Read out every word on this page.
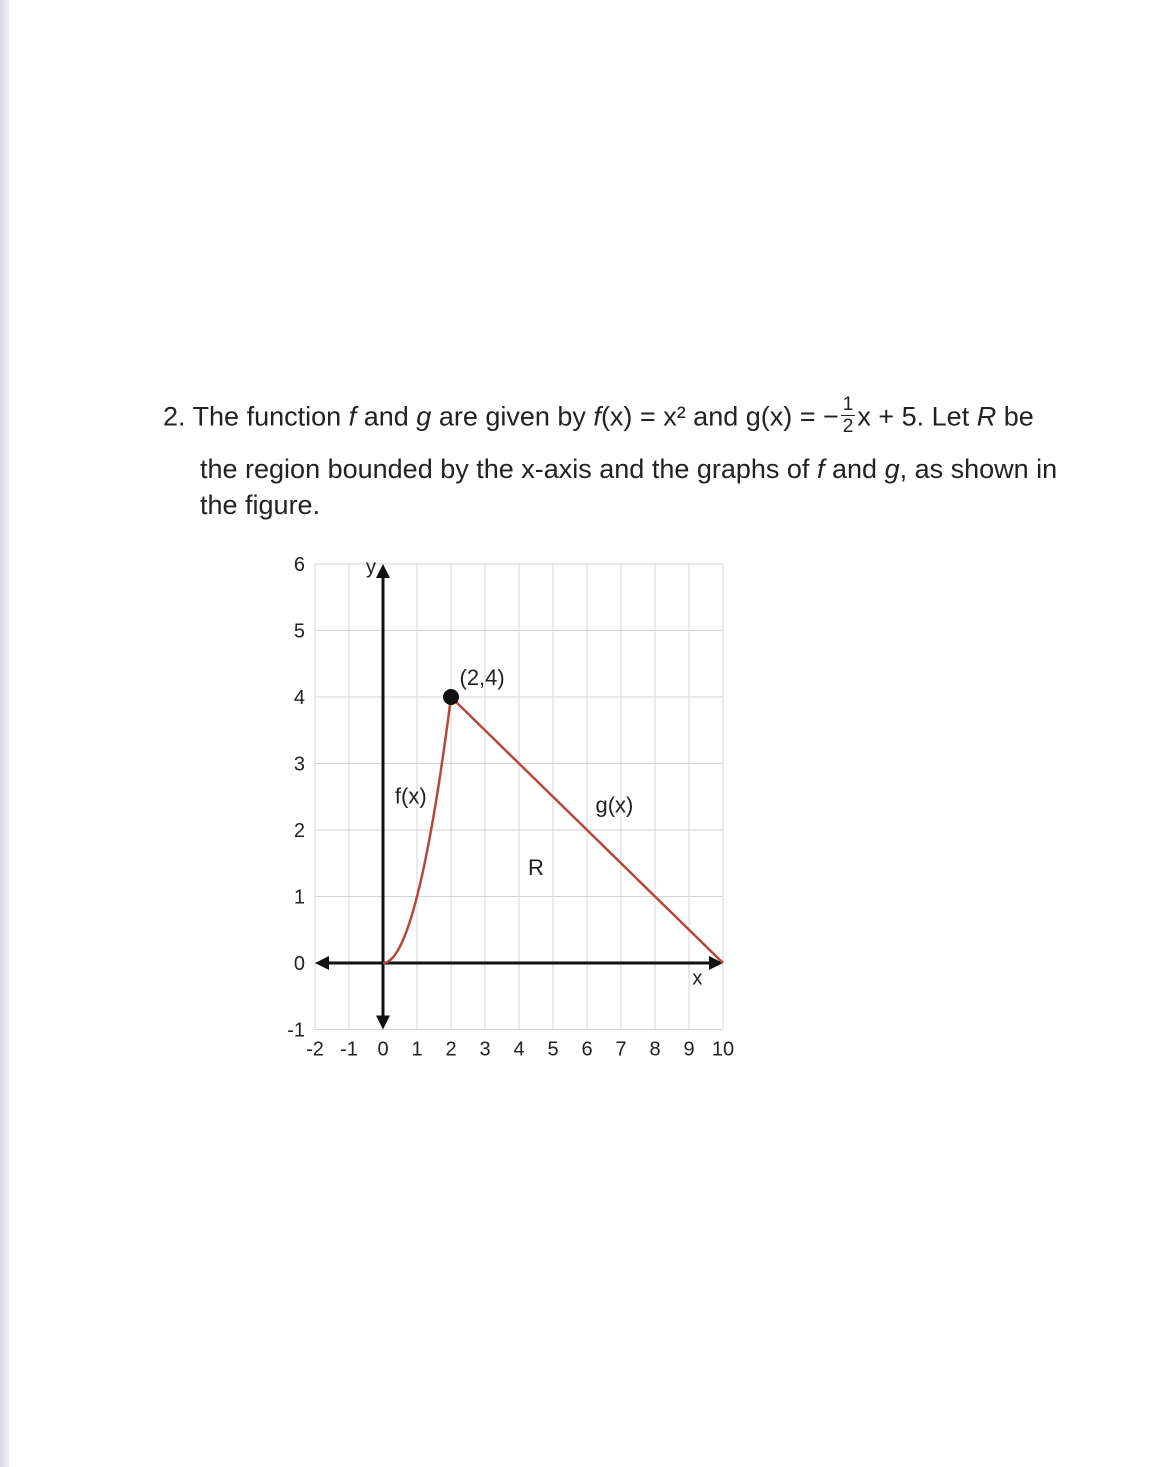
2. The function f and g are given by f(x) = x² and g(x) = − $\frac{1}{2}$ x + 5. Let R be
the region bounded by the x-axis and the graphs of f and g, as shown in
the figure.
(2,4)
f(x)	g(x)
R
x
y
-2 -1 0 1 2 3 4 5 6 7 8 9 10
-1
0
1
2
3
4
5
6
